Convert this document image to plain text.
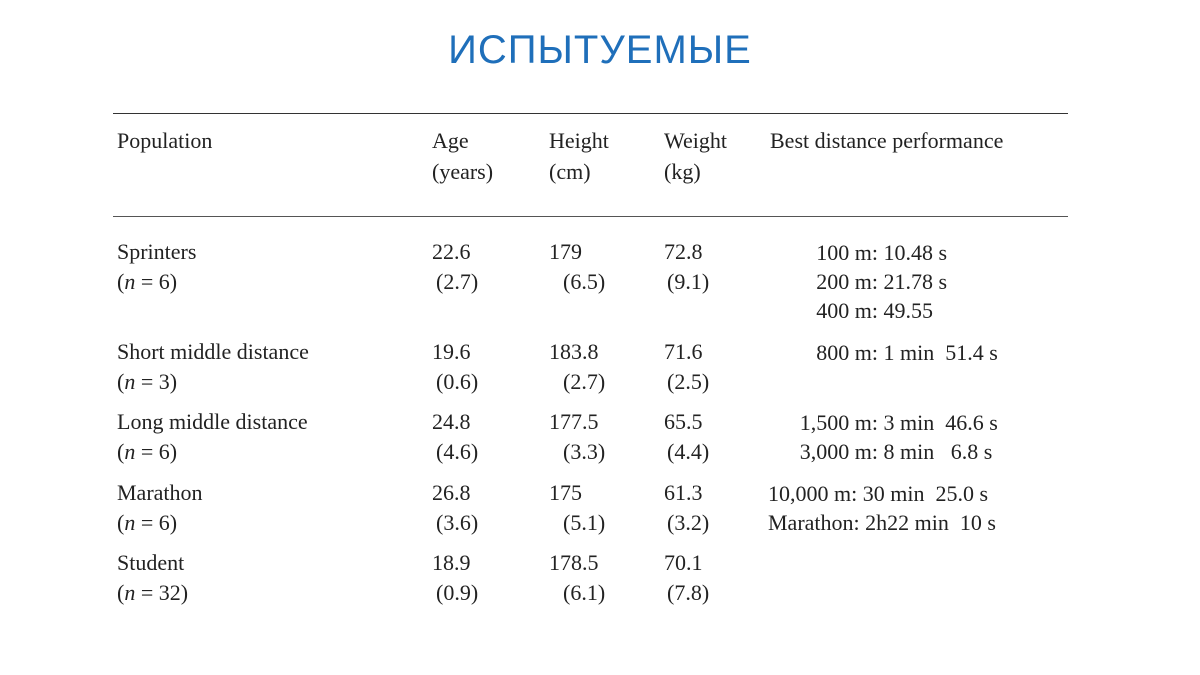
ИСПЫТУЕМЫЕ
Population	Age
(years)
Height
(cm)
Weight
(kg)
Best distance performance
Sprinters
(n = 6)
22.6
(2.7)
179
(6.5)
72.8
(9.1)
100 m: 10.48 s
200 m: 21.78 s
400 m: 49.55
Short middle distance
(n = 3)
19.6
(0.6)
183.8
(2.7)
71.6
(2.5)
800 m: 1 min  51.4 s
Long middle distance
(n = 6)
24.8
(4.6)
177.5
(3.3)
65.5
(4.4)
1,500 m: 3 min  46.6 s
3,000 m: 8 min   6.8 s
Marathon
(n = 6)
26.8
(3.6)
175
(5.1)
61.3
(3.2)
10,000 m: 30 min  25.0 s
Marathon: 2h22 min  10 s
Student
(n = 32)
18.9
(0.9)
178.5
(6.1)
70.1
(7.8)
